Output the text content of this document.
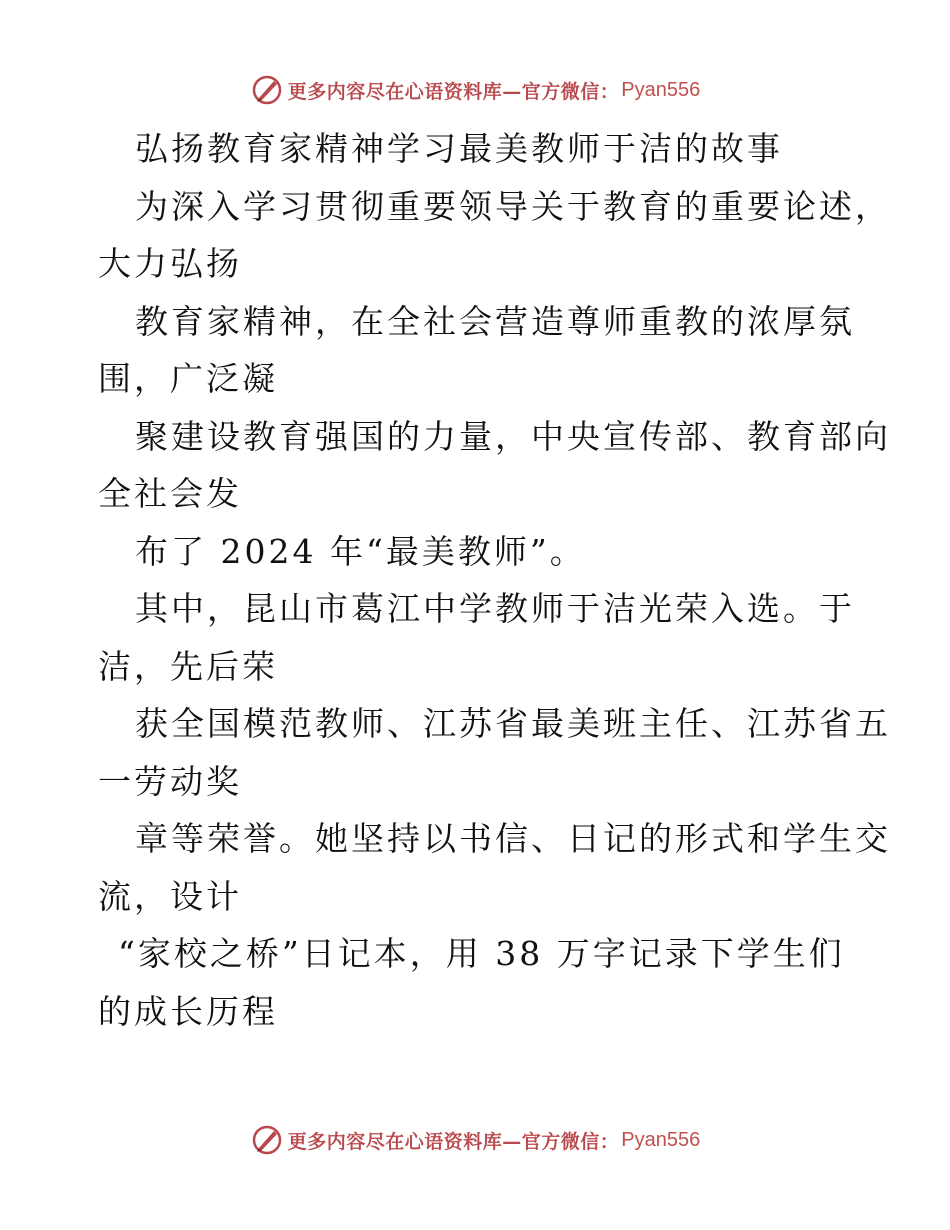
更多内容尽在心语资料库—官方微信： Pyan556
弘扬教育家精神学习最美教师于洁的故事
为深入学习贯彻重要领导关于教育的重要论述，
大力弘扬
教育家精神，在全社会营造尊师重教的浓厚氛
围，广泛凝
聚建设教育强国的力量，中央宣传部、教育部向
全社会发
布了 2024 年“最美教师”。
其中，昆山市葛江中学教师于洁光荣入选。于
洁，先后荣
获全国模范教师、江苏省最美班主任、江苏省五
一劳动奖
章等荣誉。她坚持以书信、日记的形式和学生交
流，设计
“家校之桥”日记本，用 38 万字记录下学生们
的成长历程
更多内容尽在心语资料库—官方微信： Pyan556
